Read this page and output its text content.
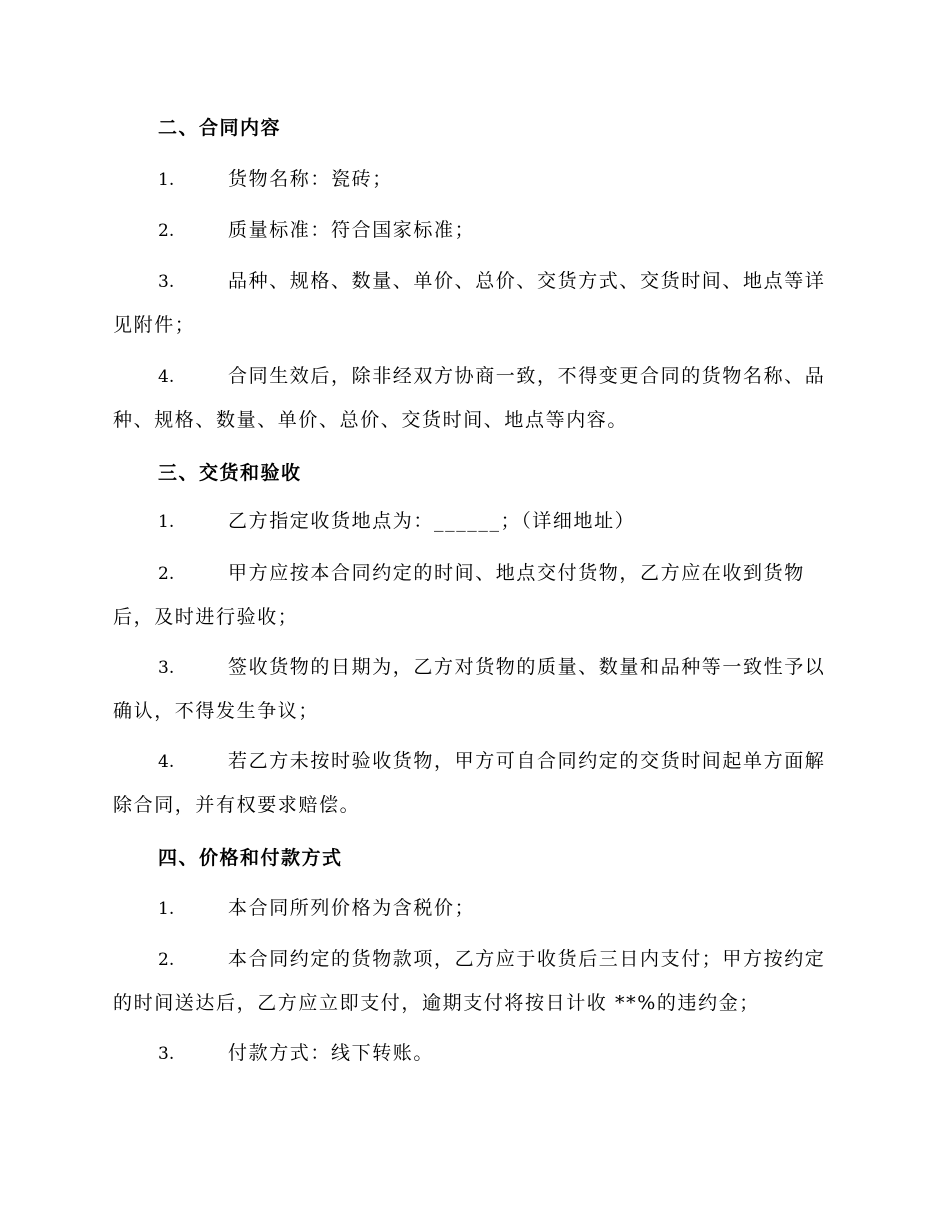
二、合同内容
1.	货物名称：瓷砖；
2.	质量标准：符合国家标准；
3.	品种、规格、数量、单价、总价、交货方式、交货时间、地点等详见附件；
4.	合同生效后，除非经双方协商一致，不得变更合同的货物名称、品种、规格、数量、单价、总价、交货时间、地点等内容。
三、交货和验收
1.	乙方指定收货地点为：______；（详细地址）
2.	甲方应按本合同约定的时间、地点交付货物，乙方应在收到货物后，及时进行验收；
3.	签收货物的日期为，乙方对货物的质量、数量和品种等一致性予以确认，不得发生争议；
4.	若乙方未按时验收货物，甲方可自合同约定的交货时间起单方面解除合同，并有权要求赔偿。
四、价格和付款方式
1.	本合同所列价格为含税价；
2.	本合同约定的货物款项，乙方应于收货后三日内支付；甲方按约定的时间送达后，乙方应立即支付，逾期支付将按日计收 **%的违约金；
3.	付款方式：线下转账。
